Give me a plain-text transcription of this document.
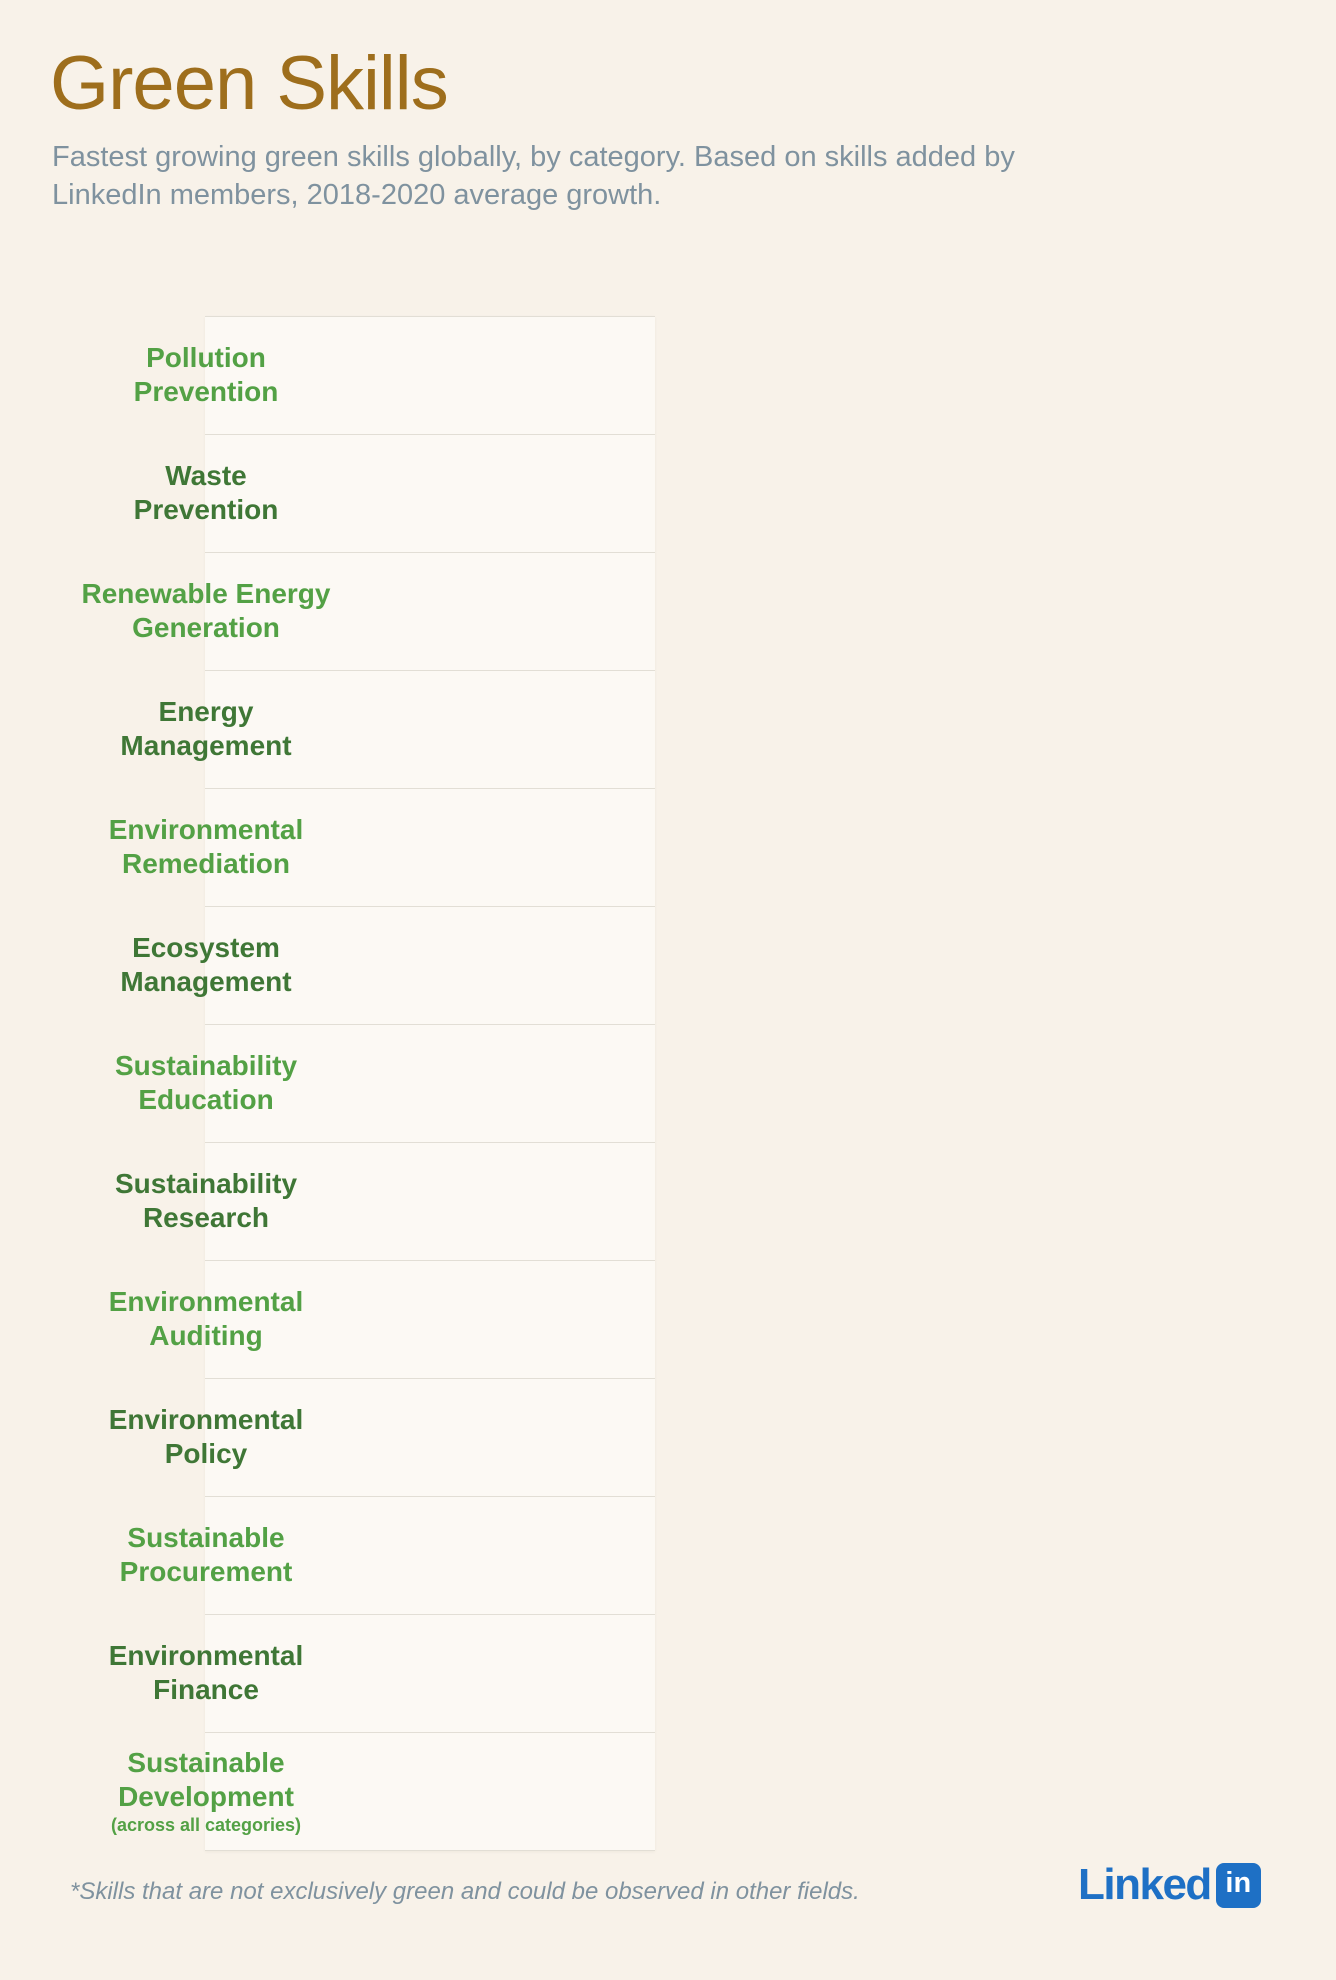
Green Skills
Fastest growing green skills globally, by category. Based on skills added by
LinkedIn members, 2018-2020 average growth.
Pollution
Prevention
Waste
Prevention
Renewable Energy
Generation
Energy
Management
Environmental
Remediation
Ecosystem
Management
Sustainability
Education
Sustainability
Research
Environmental
Auditing
Environmental
Policy
Sustainable
Procurement
Environmental
Finance
Sustainable
Development
(across all categories)
*Skills that are not exclusively green and could be observed in other fields.	Linked in
